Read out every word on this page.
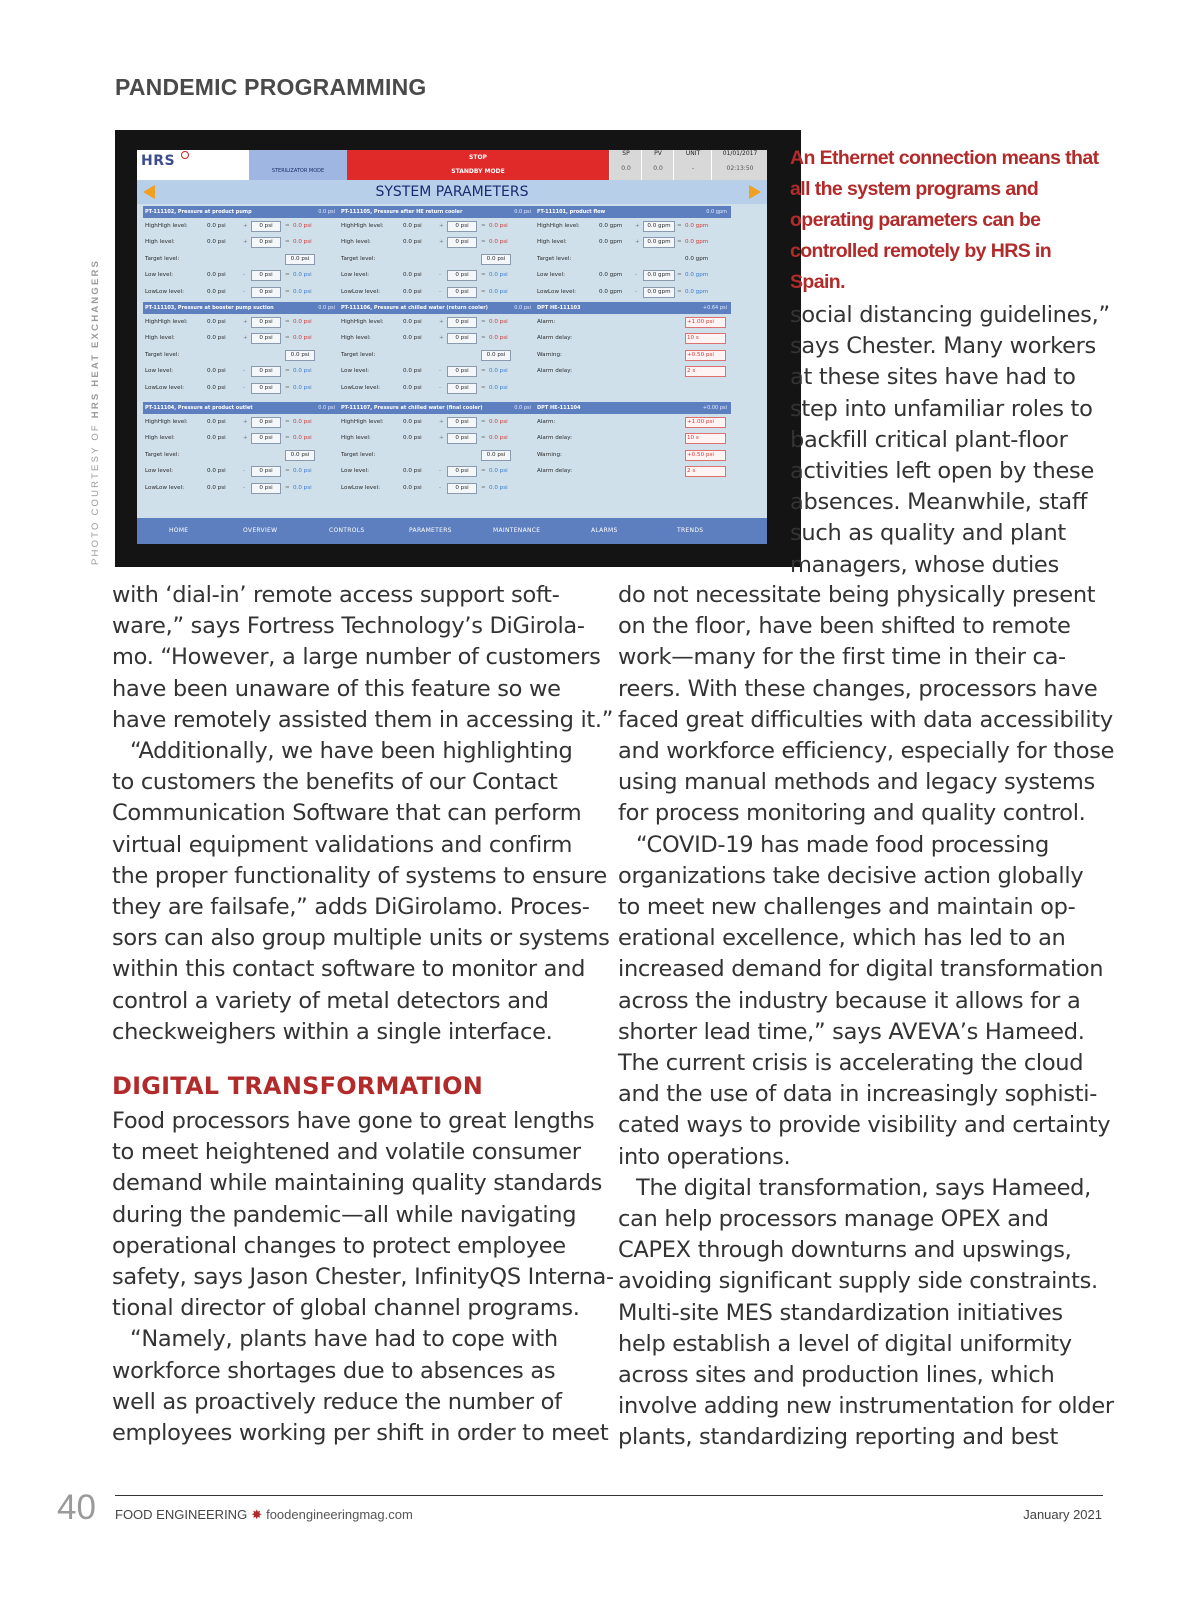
PANDEMIC PROGRAMMING
PHOTO COURTESY OF HRS HEAT EXCHANGERS
HRS
STERILIZATOR MODE
STOP
STANDBY MODE
SP
0.0
PV
0.0
UNIT
-
01/01/2017
02:13:50
SYSTEM PARAMETERS
PT-111102, Pressure at product pump	0.0 psi
HighHigh level:	0.0 psi	+	0 psi	= 0.0 psi
High level:	0.0 psi	+	0 psi	= 0.0 psi
Target level:	0.0 psi
Low level:	0.0 psi	-	0 psi	= 0.0 psi
LowLow level:	0.0 psi	-	0 psi	= 0.0 psi
PT-111103, Pressure at booster pump suction	0.0 psi
HighHigh level:	0.0 psi	+	0 psi	= 0.0 psi
High level:	0.0 psi	+	0 psi	= 0.0 psi
Target level:	0.0 psi
Low level:	0.0 psi	-	0 psi	= 0.0 psi
LowLow level:	0.0 psi	-	0 psi	= 0.0 psi
PT-111104, Pressure at product outlet	0.0 psi
HighHigh level:	0.0 psi	+	0 psi	= 0.0 psi
High level:	0.0 psi	+	0 psi	= 0.0 psi
Target level:	0.0 psi
Low level:	0.0 psi	-	0 psi	= 0.0 psi
LowLow level:	0.0 psi	-	0 psi	= 0.0 psi
PT-111105, Pressure after HE return cooler	0.0 psi
HighHigh level:	0.0 psi	+	0 psi	= 0.0 psi
High level:	0.0 psi	+	0 psi	= 0.0 psi
Target level:	0.0 psi
Low level:	0.0 psi	-	0 psi	= 0.0 psi
LowLow level:	0.0 psi	-	0 psi	= 0.0 psi
PT-111106, Pressure at chilled water (return cooler)	0.0 psi
HighHigh level:	0.0 psi	+	0 psi	= 0.0 psi
High level:	0.0 psi	+	0 psi	= 0.0 psi
Target level:	0.0 psi
Low level:	0.0 psi	-	0 psi	= 0.0 psi
LowLow level:	0.0 psi	-	0 psi	= 0.0 psi
PT-111107, Pressure at chilled water (final cooler)	0.0 psi
HighHigh level:	0.0 psi	+	0 psi	= 0.0 psi
High level:	0.0 psi	+	0 psi	= 0.0 psi
Target level:	0.0 psi
Low level:	0.0 psi	-	0 psi	= 0.0 psi
LowLow level:	0.0 psi	-	0 psi	= 0.0 psi
FT-111101, product flow	0.0 gpm
HighHigh level:	0.0 gpm +	0.0 gpm	= 0.0 gpm
High level:	0.0 gpm +	0.0 gpm	= 0.0 gpm
Target level:	0.0 gpm
Low level:	0.0 gpm -	0.0 gpm	= 0.0 gpm
LowLow level:	0.0 gpm -	0.0 gpm	= 0.0 gpm
DPT HE-111103	+0.64 psi
Alarm:	+1.00 psi
Alarm delay:	10 s
Warning:	+0.50 psi
Alarm delay:	2 s
DPT HE-111104	+0.00 psi
Alarm:	+1.00 psi
Alarm delay:	10 s
Warning:	+0.50 psi
Alarm delay:	2 s
HOME	OVERVIEW	CONTROLS	PARAMETERS	MAINTENANCE	ALARMS	TRENDS
An Ethernet connection means that all the system programs and operating parameters can be controlled remotely by HRS in Spain.

social distancing guidelines,”

says Chester. Many workers

at these sites have had to

step into unfamiliar roles to

backfill critical plant-floor

activities left open by these

absences. Meanwhile, staff

such as quality and plant

managers, whose duties

with ‘dial-in’ remote access support soft-

ware,” says Fortress Technology’s DiGirola-

mo. “However, a large number of customers

have been unaware of this feature so we

have remotely assisted them in accessing it.”

“Additionally, we have been highlighting

to customers the benefits of our Contact

Communication Software that can perform

virtual equipment validations and confirm

the proper functionality of systems to ensure

they are failsafe,” adds DiGirolamo. Proces-

sors can also group multiple units or systems

within this contact software to monitor and

control a variety of metal detectors and

checkweighers within a single interface.

DIGITAL TRANSFORMATION

Food processors have gone to great lengths

to meet heightened and volatile consumer

demand while maintaining quality standards

during the pandemic—all while navigating

operational changes to protect employee

safety, says Jason Chester, InfinityQS Interna-

tional director of global channel programs.

“Namely, plants have had to cope with

workforce shortages due to absences as

well as proactively reduce the number of

employees working per shift in order to meet

do not necessitate being physically present

on the floor, have been shifted to remote

work—many for the first time in their ca-

reers. With these changes, processors have

faced great difficulties with data accessibility

and workforce efficiency, especially for those

using manual methods and legacy systems

for process monitoring and quality control.

“COVID-19 has made food processing

organizations take decisive action globally

to meet new challenges and maintain op-

erational excellence, which has led to an

increased demand for digital transformation

across the industry because it allows for a

shorter lead time,” says AVEVA’s Hameed.

The current crisis is accelerating the cloud

and the use of data in increasingly sophisti-

cated ways to provide visibility and certainty

into operations.

The digital transformation, says Hameed,

can help processors manage OPEX and

CAPEX through downturns and upswings,

avoiding significant supply side constraints.

Multi-site MES standardization initiatives

help establish a level of digital uniformity

across sites and production lines, which

involve adding new instrumentation for older

plants, standardizing reporting and best

40 FOOD ENGINEERING ✸ foodengineeringmag.com	January 2021
